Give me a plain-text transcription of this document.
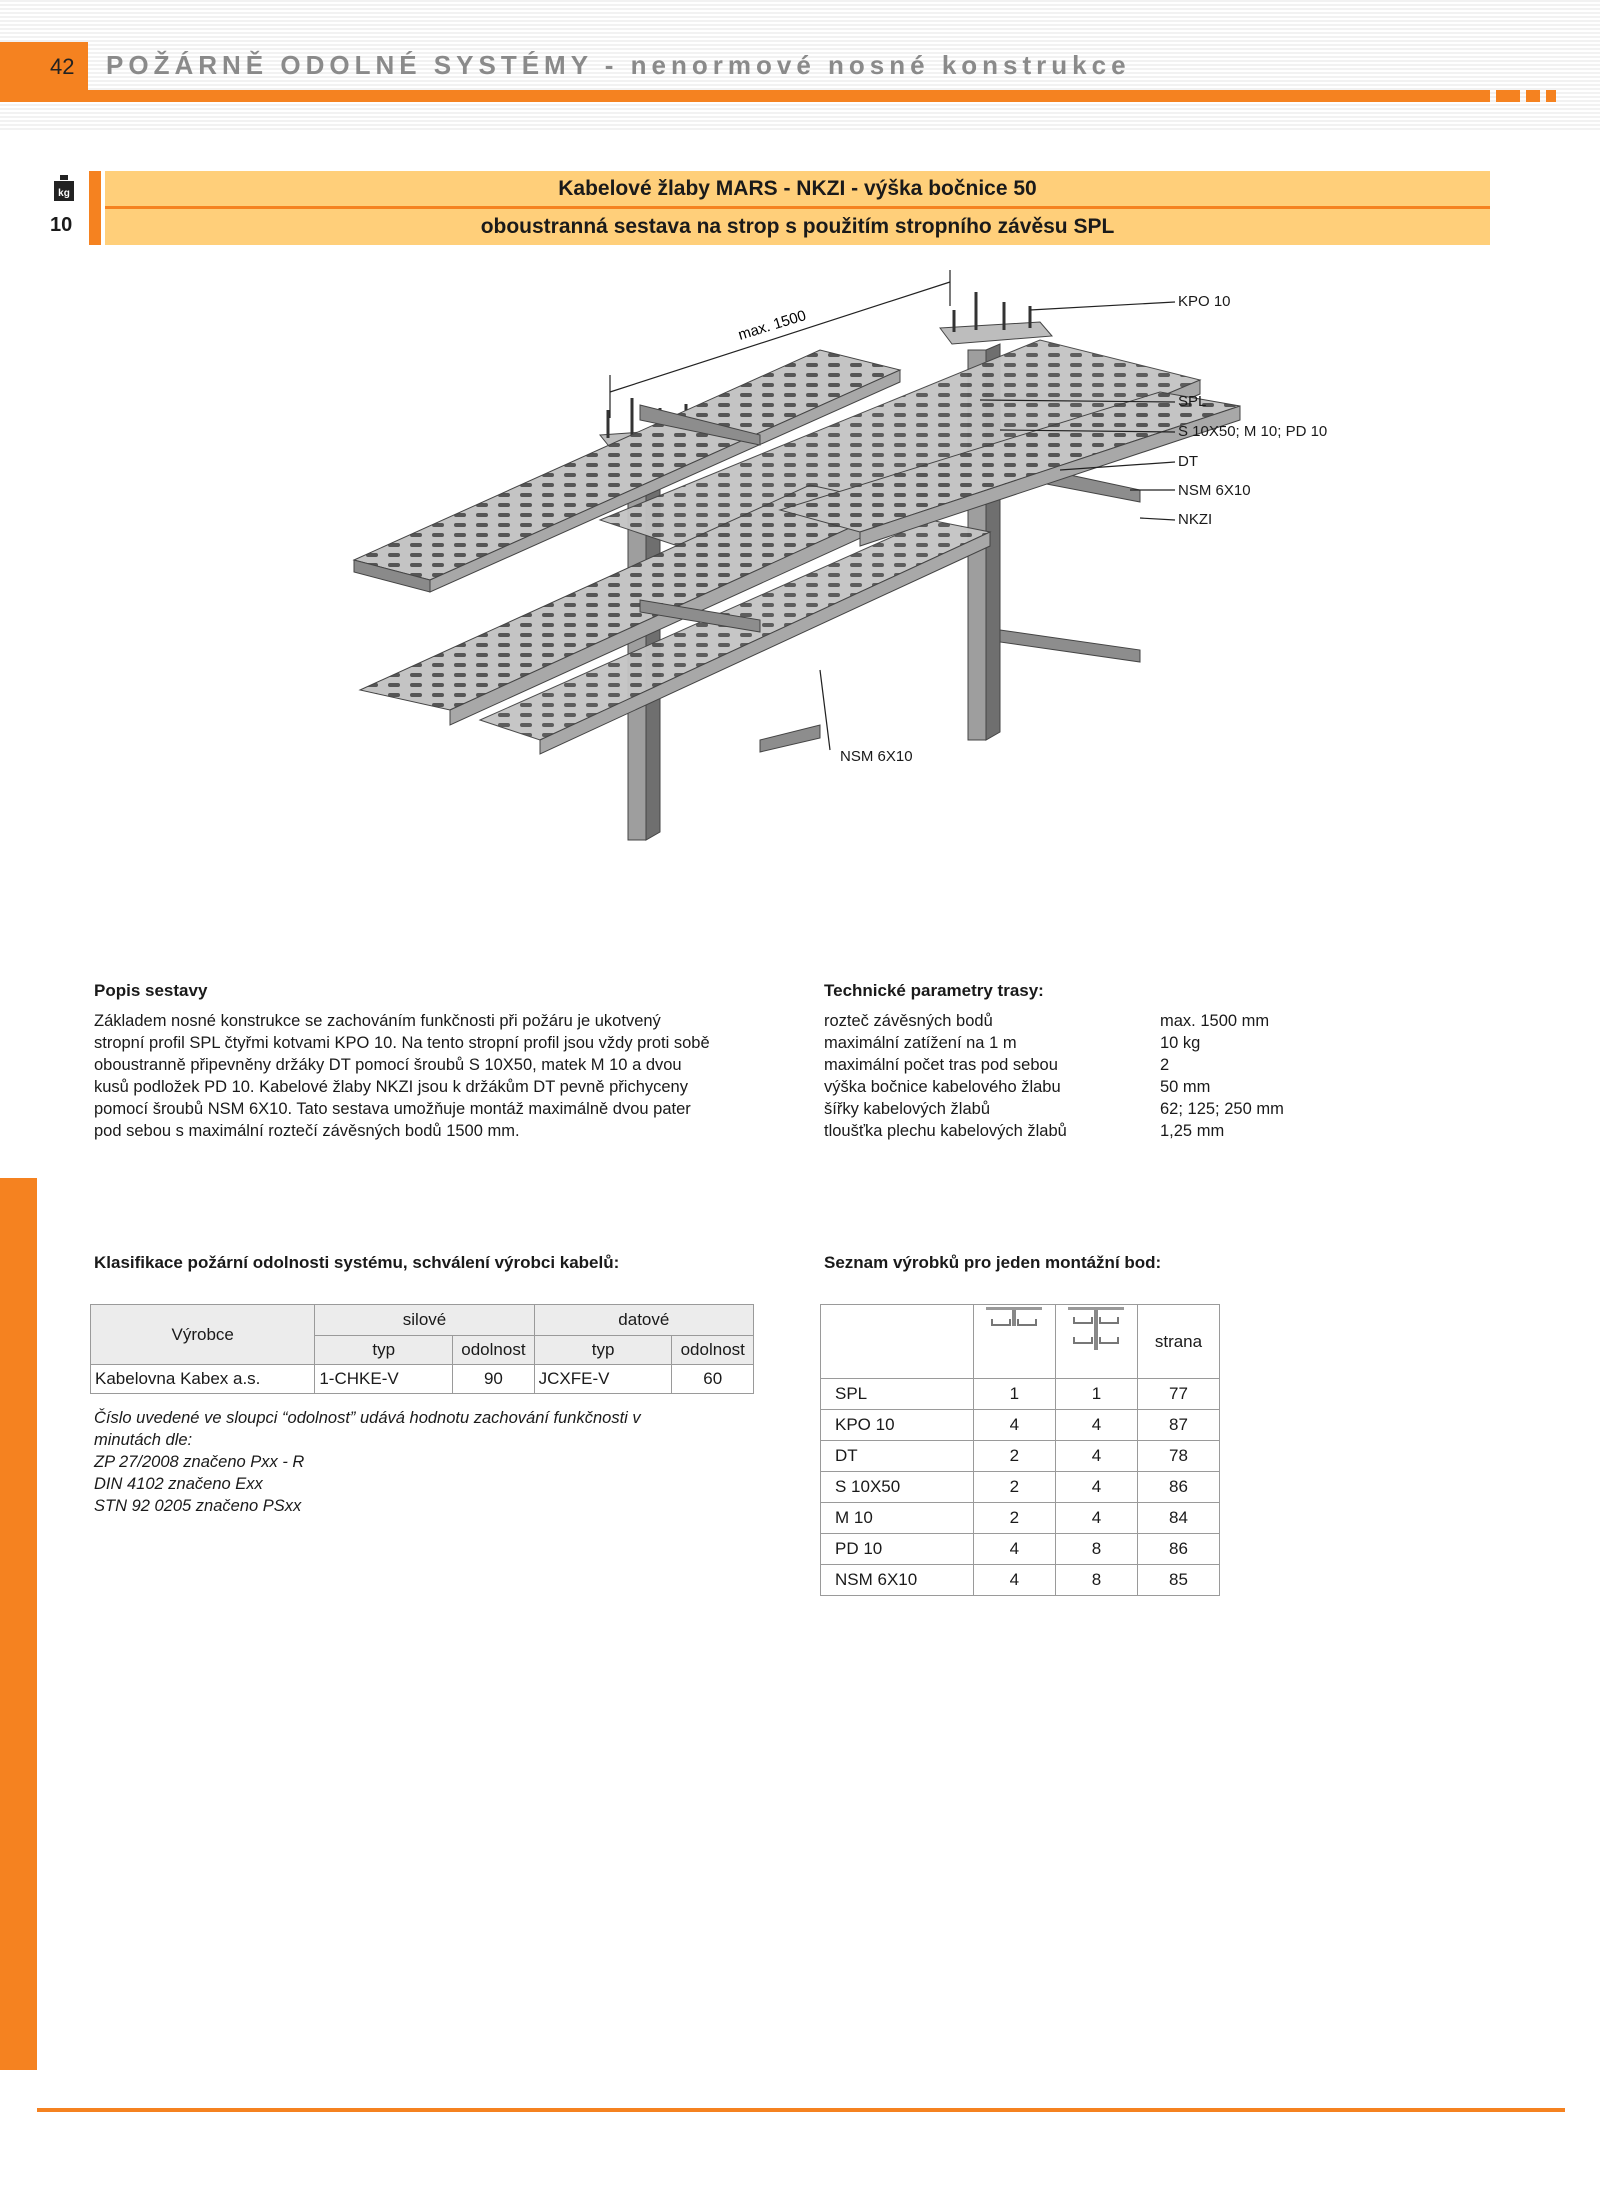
42 POŽÁRNĚ ODOLNÉ SYSTÉMY - nenormové nosné konstrukce
kg
10
Kabelové žlaby MARS - NKZI - výška bočnice 50
oboustranná sestava na strop s použitím stropního závěsu SPL
max. 1500
KPO 10
SPL
S 10X50; M 10; PD 10
DT
NSM 6X10
NKZI
NSM 6X10
Popis sestavy
Základem nosné konstrukce se zachováním funkčnosti při požáru je ukotvený
stropní profil SPL čtyřmi kotvami KPO 10. Na tento stropní profil jsou vždy proti sobě
oboustranně připevněny držáky DT pomocí šroubů S 10X50, matek M 10 a dvou
kusů podložek PD 10. Kabelové žlaby NKZI jsou k držákům DT pevně přichyceny
pomocí šroubů NSM 6X10. Tato sestava umožňuje montáž maximálně dvou pater
pod sebou s maximální roztečí závěsných bodů 1500 mm.
Technické parametry trasy:
rozteč závěsných bodů	max. 1500 mm
maximální zatížení na 1 m	10 kg
maximální počet tras pod sebou	2
výška bočnice kabelového žlabu	50 mm
šířky kabelových žlabů	62; 125; 250 mm
tloušťka plechu kabelových žlabů	1,25 mm
Klasifikace požární odolnosti systému, schválení výrobci kabelů:
Výrobce	silové		datové	
	typ	odolnost	typ	odolnost
Kabelovna Kabex a.s.	1-CHKE-V	90	JCXFE-V	60
Číslo uvedené ve sloupci “odolnost” udává hodnotu zachování funkčnosti v
minutách dle:
ZP 27/2008 značeno Pxx - R
DIN 4102 značeno Exx
STN 92 0205 značeno PSxx
Seznam výrobků pro jeden montážní bod:
			strana
SPL	1	1	77
KPO 10	4	4	87
DT	2	4	78
S 10X50	2	4	86
M 10	2	4	84
PD 10	4	8	86
NSM 6X10	4	8	85
